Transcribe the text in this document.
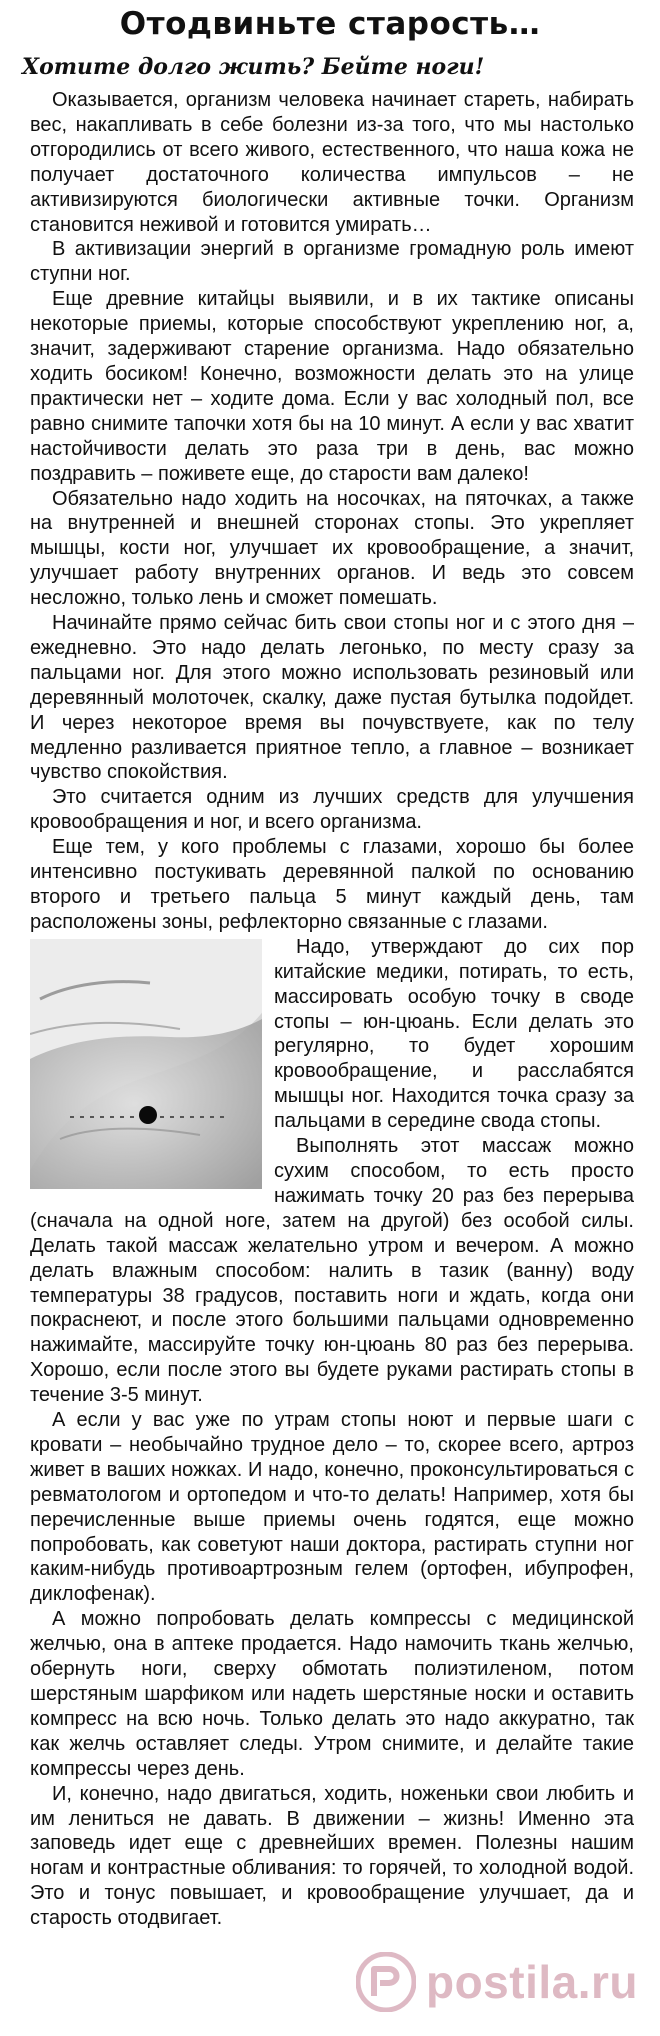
Отодвиньте старость…
Хотите долго жить? Бейте ноги!

Оказывается, организм человека начинает стареть, набирать вес, накапливать в себе болезни из-за того, что мы настолько отгородились от всего живого, естественного, что наша кожа не получает достаточного количества импульсов – не активизируются биологически активные точки. Организм становится неживой и готовится умирать…

В активизации энергий в организме громадную роль имеют ступни ног.

Еще древние китайцы выявили, и в их тактике описаны некоторые приемы, которые способствуют укреплению ног, а, значит, задерживают старение организма. Надо обязательно ходить босиком! Конечно, возможности делать это на улице практически нет – ходите дома. Если у вас холодный пол, все равно снимите тапочки хотя бы на 10 минут. А если у вас хватит настойчивости делать это раза три в день, вас можно поздравить – поживете еще, до старости вам далеко!

Обязательно надо ходить на носочках, на пяточках, а также на внутренней и внешней сторонах стопы. Это укрепляет мышцы, кости ног, улучшает их кровообращение, а значит, улучшает работу внутренних органов. И ведь это совсем несложно, только лень и сможет помешать.

Начинайте прямо сейчас бить свои стопы ног и с этого дня – ежедневно. Это надо делать легонько, по месту сразу за пальцами ног. Для этого можно использовать резиновый или деревянный молоточек, скалку, даже пустая бутылка подойдет. И через некоторое время вы почувствуете, как по телу медленно разливается приятное тепло, а главное – возникает чувство спокойствия.

Это считается одним из лучших средств для улучшения кровообращения и ног, и всего организма.

Еще тем, у кого проблемы с глазами, хорошо бы более интенсивно постукивать деревянной палкой по основанию второго и третьего пальца 5 минут каждый день, там расположены зоны, рефлекторно связанные с глазами.

Надо, утверждают до сих пор китайские медики, потирать, то есть, массировать особую точку в своде стопы – юн-цюань. Если делать это регулярно, то будет хорошим кровообращение, и расслабятся мышцы ног. Находится точка сразу за пальцами в середине свода стопы.

Выполнять этот массаж можно сухим способом, то есть просто нажимать точку 20 раз без перерыва (сначала на одной ноге, затем на другой) без особой силы. Делать такой массаж желательно утром и вечером. А можно делать влажным способом: налить в тазик (ванну) воду температуры 38 градусов, поставить ноги и ждать, когда они покраснеют, и после этого большими пальцами одновременно нажимайте, массируйте точку юн-цюань 80 раз без перерыва. Хорошо, если после этого вы будете руками растирать стопы в течение 3-5 минут.

А если у вас уже по утрам стопы ноют и первые шаги с кровати – необычайно трудное дело – то, скорее всего, артроз живет в ваших ножках. И надо, конечно, проконсультироваться с ревматологом и ортопедом и что-то делать! Например, хотя бы перечисленные выше приемы очень годятся, еще можно попробовать, как советуют наши доктора, растирать ступни ног каким-нибудь противоартрозным гелем (ортофен, ибупрофен, диклофенак).

А можно попробовать делать компрессы с медицинской желчью, она в аптеке продается. Надо намочить ткань желчью, обернуть ноги, сверху обмотать полиэтиленом, потом шерстяным шарфиком или надеть шерстяные носки и оставить компресс на всю ночь. Только делать это надо аккуратно, так как желчь оставляет следы. Утром снимите, и делайте такие компрессы через день.

И, конечно, надо двигаться, ходить, ноженьки свои любить и им лениться не давать. В движении – жизнь! Именно эта заповедь идет еще с древнейших времен. Полезны нашим ногам и контрастные обливания: то горячей, то холодной водой. Это и тонус повышает, и кровообращение улучшает, да и старость отодвигает.

postila.ru
